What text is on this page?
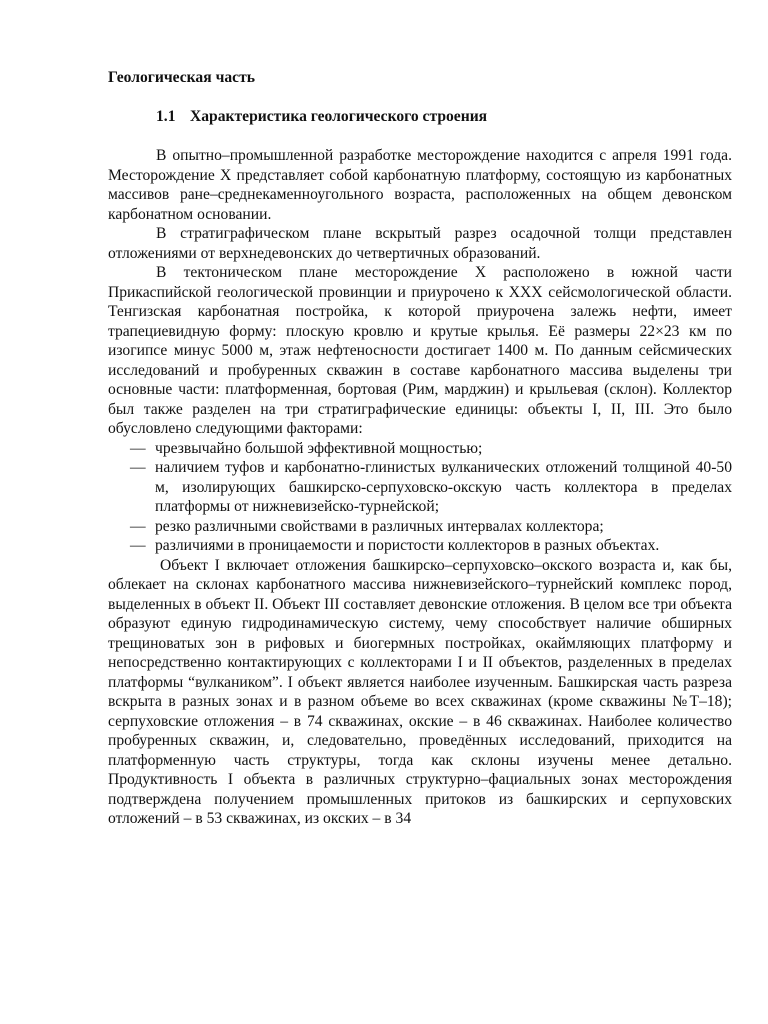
Геологическая часть
1.1 Характеристика геологического строения

В опытно–промышленной разработке месторождение находится с апреля 1991 года. Месторождение Х представляет собой карбонатную платформу, состоящую из карбонатных массивов ране–среднекаменноугольного возраста, расположенных на общем девонском карбонатном основании.

В стратиграфическом плане вскрытый разрез осадочной толщи представлен отложениями от верхнедевонских до четвертичных образований.

В тектоническом плане месторождение Х расположено в южной части Прикаспийской геологической провинции и приурочено к ХХХ сейсмологической области. Тенгизская карбонатная постройка, к которой приурочена залежь нефти, имеет трапециевидную форму: плоскую кровлю и крутые крылья. Её размеры 22×23 км по изогипсе минус 5000 м, этаж нефтеносности достигает 1400 м. По данным сейсмических исследований и пробуренных скважин в составе карбонатного массива выделены три основные части: платформенная, бортовая (Рим, марджин) и крыльевая (склон). Коллектор был также разделен на три стратиграфические единицы: объекты I, II, III. Это было обусловлено следующими факторами:

— чрезвычайно большой эффективной мощностью;
— наличием туфов и карбонатно-глинистых вулканических отложений толщиной 40-50 м, изолирующих башкирско-серпуховско-окскую часть коллектора в пределах платформы от нижневизейско-турнейской;
— резко различными свойствами в различных интервалах коллектора;
— различиями в проницаемости и пористости коллекторов в разных объектах.

Объект I включает отложения башкирско–серпуховско–окского возраста и, как бы, облекает на склонах карбонатного массива нижневизейского–турнейский комплекс пород, выделенных в объект II. Объект III составляет девонские отложения. В целом все три объекта образуют единую гидродинамическую систему, чему способствует наличие обширных трещиноватых зон в рифовых и биогермных постройках, окаймляющих платформу и непосредственно контактирующих с коллекторами I и II объектов, разделенных в пределах платформы “вулкаником”. I объект является наиболее изученным. Башкирская часть разреза вскрыта в разных зонах и в разном объеме во всех скважинах (кроме скважины №Т–18); серпуховские отложения – в 74 скважинах, окские – в 46 скважинах. Наиболее количество пробуренных скважин, и, следовательно, проведённых исследований, приходится на платформенную часть структуры, тогда как склоны изучены менее детально. Продуктивность I объекта в различных структурно–фациальных зонах месторождения подтверждена получением промышленных притоков из башкирских и серпуховских отложений – в 53 скважинах, из окских – в 34
